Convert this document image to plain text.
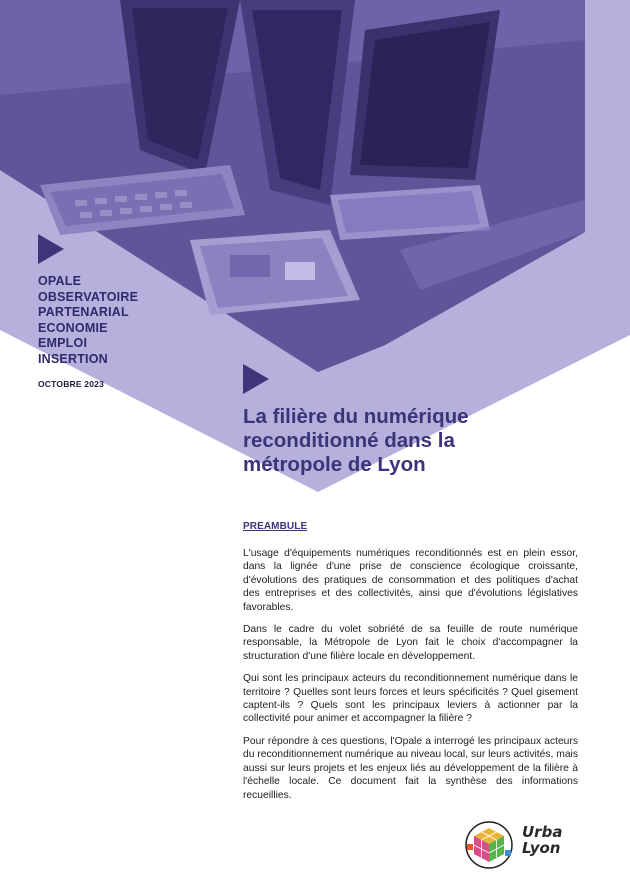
OPALE
OBSERVATOIRE
PARTENARIAL
ECONOMIE
EMPLOI
INSERTION
OCTOBRE 2023
La filière du numérique
reconditionné dans la
métropole de Lyon
PREAMBULE

L'usage d'équipements numériques reconditionnés est en plein essor, dans la lignée d'une prise de conscience écologique croissante, d'évolutions des pratiques de consommation et des politiques d'achat des entreprises et des collectivités, ainsi que d'évolutions législatives favorables.

Dans le cadre du volet sobriété de sa feuille de route numérique responsable, la Métropole de Lyon fait le choix d'accompagner la structuration d'une filière locale en développement.

Qui sont les principaux acteurs du reconditionnement numérique dans le territoire ? Quelles sont leurs forces et leurs spécificités ? Quel gisement captent-ils ? Quels sont les principaux leviers à actionner par la collectivité pour animer et accompagner la filière ?

Pour répondre à ces questions, l'Opale a interrogé les principaux acteurs du reconditionnement numérique au niveau local, sur leurs activités, mais aussi sur leurs projets et les enjeux liés au développement de la filière à l'échelle locale. Ce document fait la synthèse des informations recueillies.

Urba
Lyon
